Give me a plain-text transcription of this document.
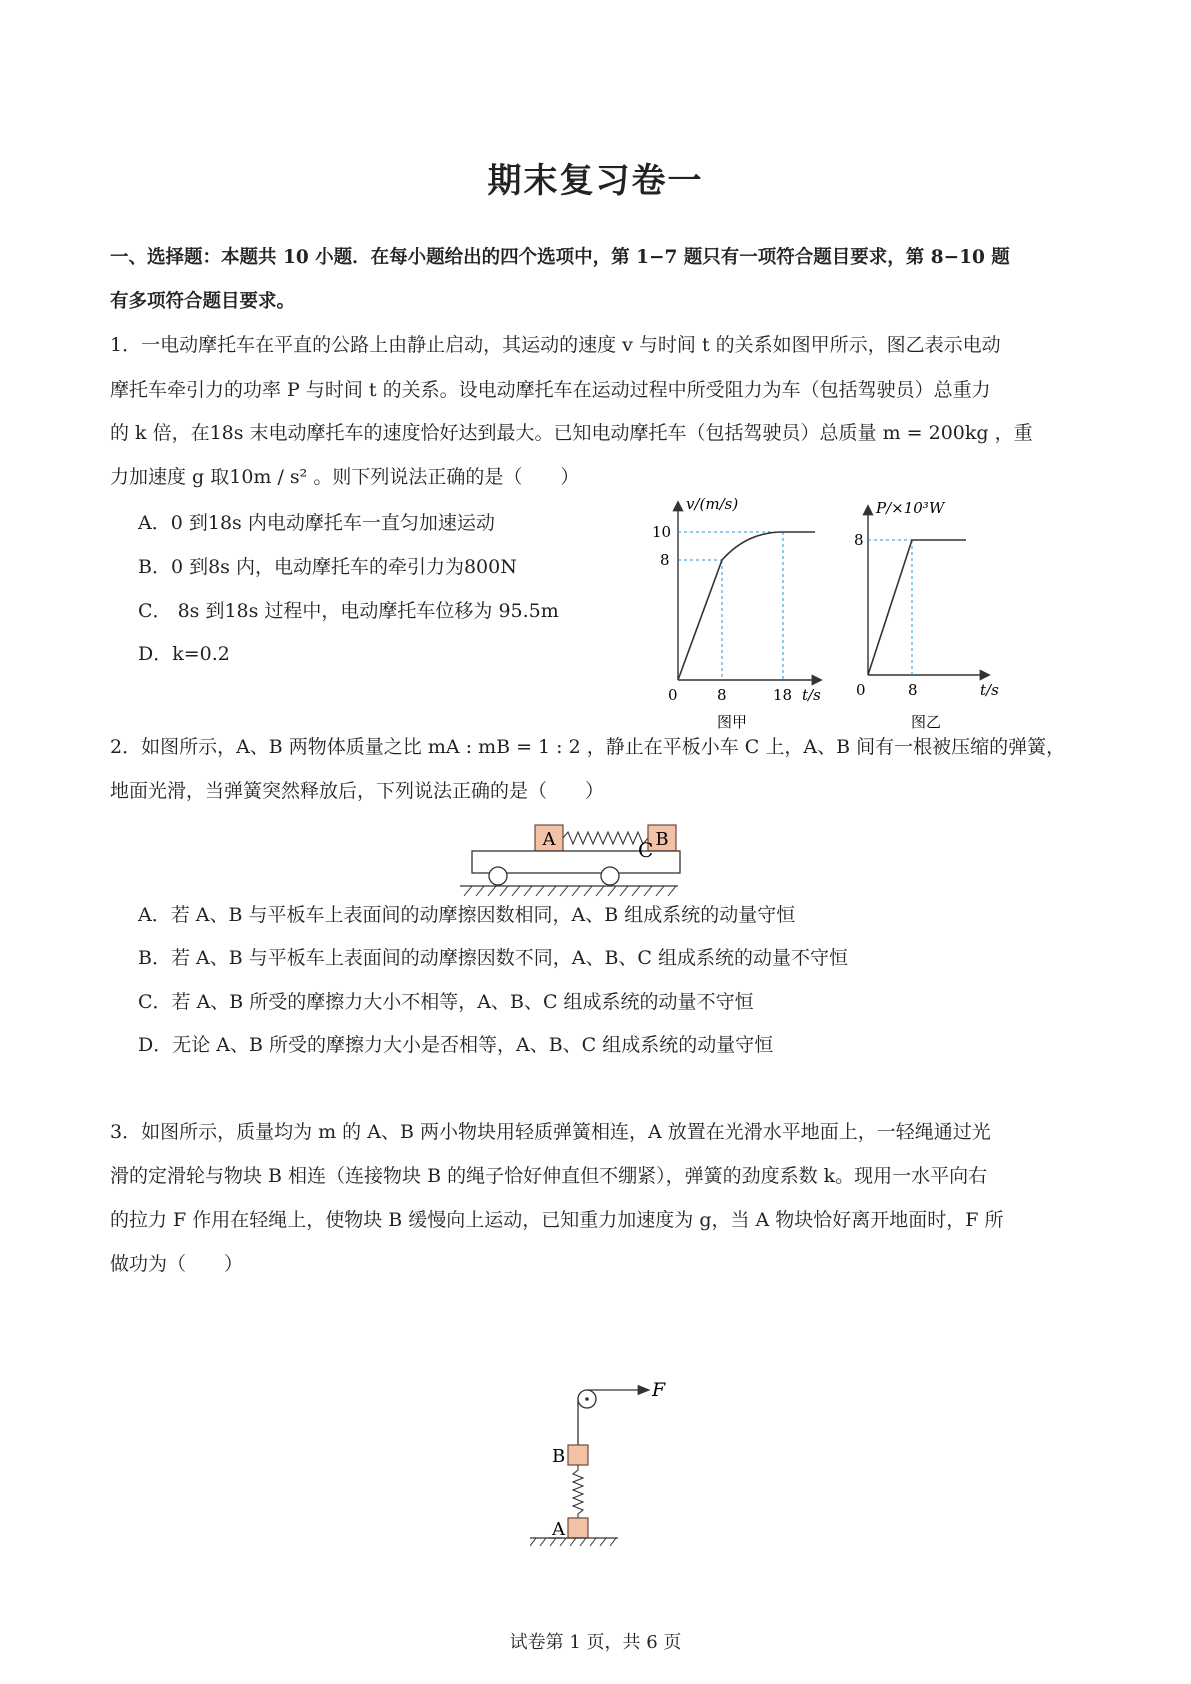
期末复习卷一
一、选择题：本题共 10 小题．在每小题给出的四个选项中，第 1−7 题只有一项符合题目要求，第 8−10 题
有多项符合题目要求。
1．一电动摩托车在平直的公路上由静止启动，其运动的速度 v 与时间 t 的关系如图甲所示，图乙表示电动
摩托车牵引力的功率 P 与时间 t 的关系。设电动摩托车在运动过程中所受阻力为车（包括驾驶员）总重力
的 k 倍，在18s 末电动摩托车的速度恰好达到最大。已知电动摩托车（包括驾驶员）总质量 m = 200kg ，重
力加速度 g 取10m / s² 。则下列说法正确的是（　　）
A．0 到18s 内电动摩托车一直匀加速运动
B．0 到8s 内，电动摩托车的牵引力为800N
C． 8s 到18s 过程中，电动摩托车位移为 95.5m
D．k=0.2
v/(m/s)
10
8
0	8	18 t/s
图甲
P/×10³W
8
0	8	t/s
图乙
2．如图所示，A、B 两物体质量之比 mA : mB = 1 : 2 ，静止在平板小车 C 上，A、B 间有一根被压缩的弹簧，
地面光滑，当弹簧突然释放后，下列说法正确的是（　　）
A	B
C
A．若 A、B 与平板车上表面间的动摩擦因数相同，A、B 组成系统的动量守恒
B．若 A、B 与平板车上表面间的动摩擦因数不同，A、B、C 组成系统的动量不守恒
C．若 A、B 所受的摩擦力大小不相等，A、B、C 组成系统的动量不守恒
D．无论 A、B 所受的摩擦力大小是否相等，A、B、C 组成系统的动量守恒
3．如图所示，质量均为 m 的 A、B 两小物块用轻质弹簧相连，A 放置在光滑水平地面上，一轻绳通过光
滑的定滑轮与物块 B 相连（连接物块 B 的绳子恰好伸直但不绷紧），弹簧的劲度系数 k。现用一水平向右
的拉力 F 作用在轻绳上，使物块 B 缓慢向上运动，已知重力加速度为 g，当 A 物块恰好离开地面时，F 所
做功为（　　）
F
B
A
试卷第 1 页，共 6 页
